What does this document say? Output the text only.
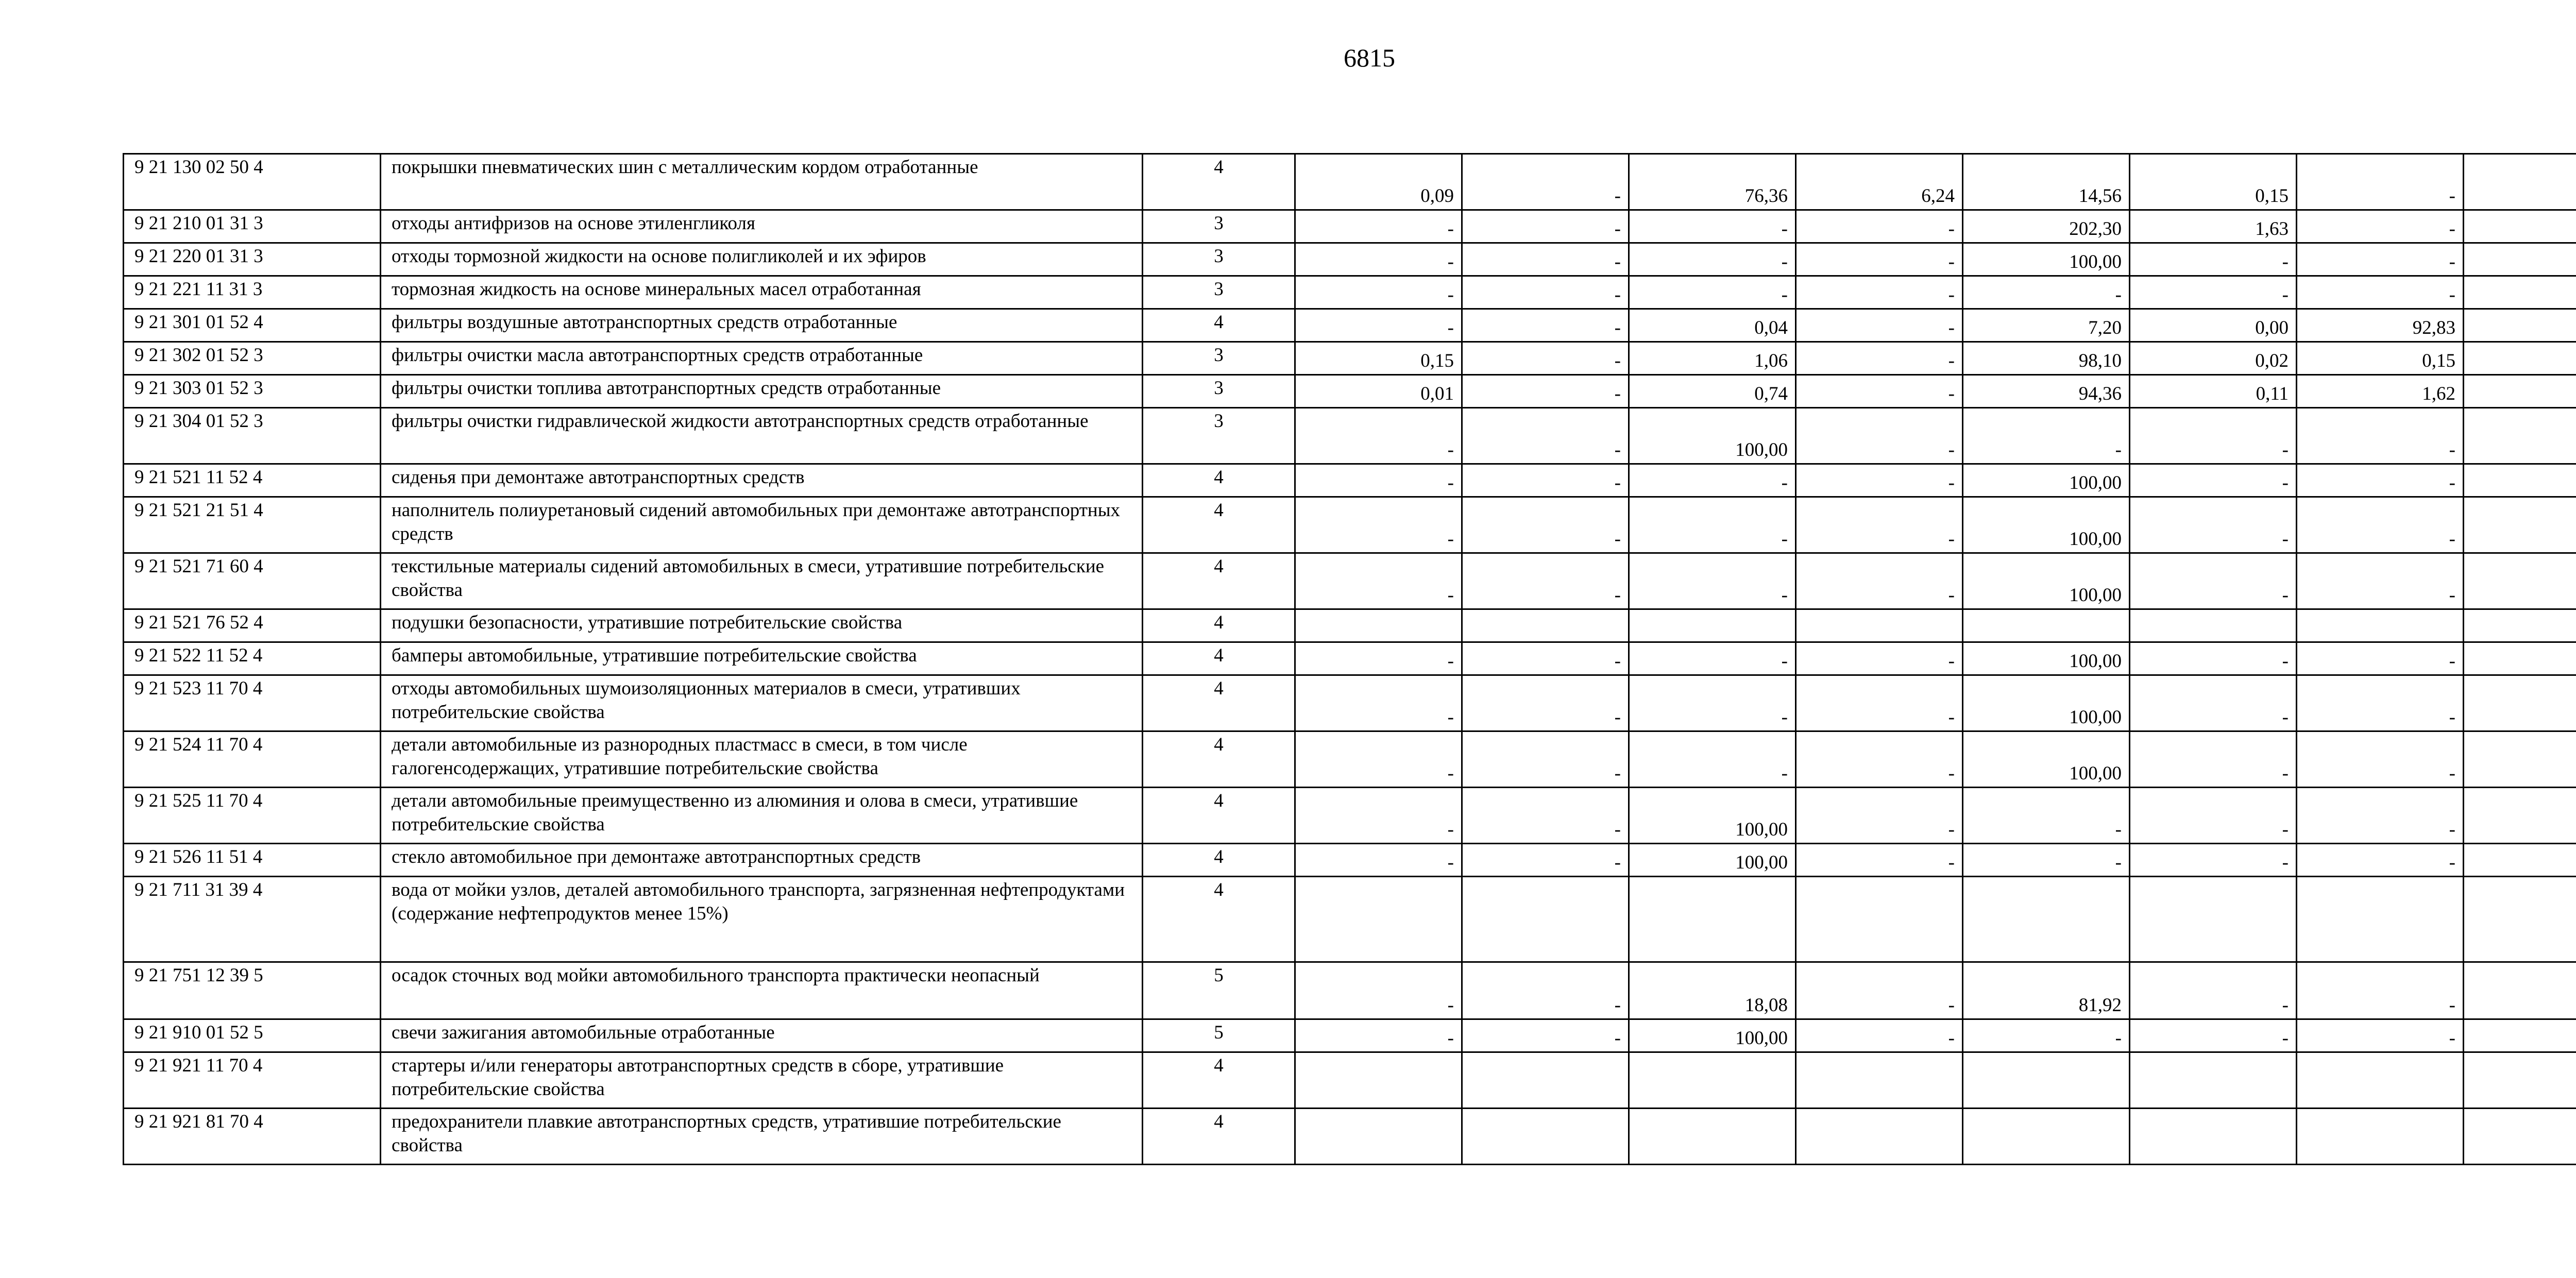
6815
9 21 130 02 50 4	покрышки пневматических шин с металлическим кордом отработанные	4	0,09	-	76,36	6,24	14,56	0,15	-	
9 21 210 01 31 3	отходы антифризов на основе этиленгликоля	3	-	-	-	-	202,30	1,63	-	
9 21 220 01 31 3	отходы тормозной жидкости на основе полигликолей и их эфиров	3	-	-	-	-	100,00	-	-	
9 21 221 11 31 3	тормозная жидкость на основе минеральных масел отработанная	3	-	-	-	-	-	-	-	
9 21 301 01 52 4	фильтры воздушные автотранспортных средств отработанные	4	-	-	0,04	-	7,20	0,00	92,83	
9 21 302 01 52 3	фильтры очистки масла автотранспортных средств отработанные	3	0,15	-	1,06	-	98,10	0,02	0,15	
9 21 303 01 52 3	фильтры очистки топлива автотранспортных средств отработанные	3	0,01	-	0,74	-	94,36	0,11	1,62	
9 21 304 01 52 3	фильтры очистки гидравлической жидкости автотранспортных средств отработанные	3	-	-	100,00	-	-	-	-	
9 21 521 11 52 4	сиденья при демонтаже автотранспортных средств	4	-	-	-	-	100,00	-	-	
9 21 521 21 51 4	наполнитель полиуретановый сидений автомобильных при демонтаже автотранспортных средств	4	-	-	-	-	100,00	-	-	
9 21 521 71 60 4	текстильные материалы сидений автомобильных в смеси, утратившие потребительские свойства	4	-	-	-	-	100,00	-	-	
9 21 521 76 52 4	подушки безопасности, утратившие потребительские свойства	4								
9 21 522 11 52 4	бамперы автомобильные, утратившие потребительские свойства	4	-	-	-	-	100,00	-	-	
9 21 523 11 70 4	отходы автомобильных шумоизоляционных материалов в смеси, утративших потребительские свойства	4	-	-	-	-	100,00	-	-	
9 21 524 11 70 4	детали автомобильные из разнородных пластмасс в смеси, в том числе галогенсодержащих, утратившие потребительские свойства	4	-	-	-	-	100,00	-	-	
9 21 525 11 70 4	детали автомобильные преимущественно из алюминия и олова в смеси, утратившие потребительские свойства	4	-	-	100,00	-	-	-	-	
9 21 526 11 51 4	стекло автомобильное при демонтаже автотранспортных средств	4	-	-	100,00	-	-	-	-	
9 21 711 31 39 4	вода от мойки узлов, деталей автомобильного транспорта, загрязненная нефтепродуктами (содержание нефтепродуктов менее 15%)	4								
9 21 751 12 39 5	осадок сточных вод мойки автомобильного транспорта практически неопасный	5	-	-	18,08	-	81,92	-	-	
9 21 910 01 52 5	свечи зажигания автомобильные отработанные	5	-	-	100,00	-	-	-	-	
9 21 921 11 70 4	стартеры и/или генераторы автотранспортных средств в сборе, утратившие потребительские свойства	4								
9 21 921 81 70 4	предохранители плавкие автотранспортных средств, утратившие потребительские свойства	4								
